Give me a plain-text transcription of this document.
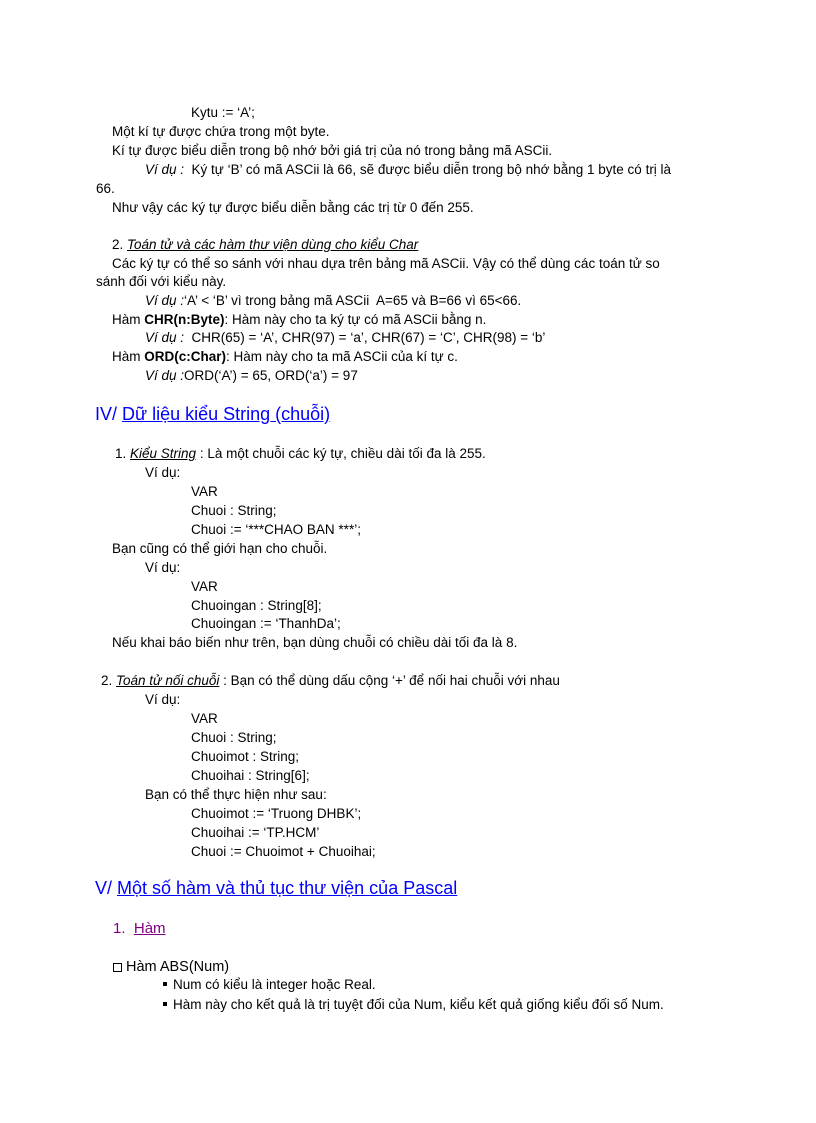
Kytu := ‘A’;
Một kí tự được chứa trong một byte.
Kí tự được biểu diễn trong bộ nhớ bởi giá trị của nó trong bảng mã ASCii.
Ví dụ :  Ký tự ‘B’ có mã ASCii là 66, sẽ được biểu diễn trong bộ nhớ bằng 1 byte có trị là
66.
Như vậy các ký tự được biểu diễn bằng các trị từ 0 đến 255.
2. Toán tử và các hàm thư viện dùng cho kiểu Char
Các ký tự có thể so sánh với nhau dựa trên bảng mã ASCii. Vậy có thể dùng các toán tử so
sánh đối với kiểu này.
Ví dụ :‘A’ < ‘B’ vì trong bảng mã ASCii  A=65 và B=66 vì 65<66.
Hàm CHR(n:Byte): Hàm này cho ta ký tự có mã ASCii bằng n.
Ví dụ :  CHR(65) = ‘A’, CHR(97) = ‘a’, CHR(67) = ‘C’, CHR(98) = ‘b’
Hàm ORD(c:Char): Hàm này cho ta mã ASCii của kí tự c.
Ví dụ :ORD(‘A’) = 65, ORD(‘a’) = 97
IV/ Dữ liệu kiểu String (chuỗi)
1. Kiểu String : Là một chuỗi các ký tự, chiều dài tối đa là 255.
Ví dụ:
VAR
Chuoi : String;
Chuoi := ‘***CHAO BAN ***’;
Bạn cũng có thể giới hạn cho chuỗi.
Ví dụ:
VAR
Chuoingan : String[8];
Chuoingan := ‘ThanhDa’;
Nếu khai báo biến như trên, bạn dùng chuỗi có chiều dài tối đa là 8.
2. Toán tử nối chuỗi : Bạn có thể dùng dấu cộng ‘+’ để nối hai chuỗi với nhau
Ví dụ:
VAR
Chuoi : String;
Chuoimot : String;
Chuoihai : String[6];
Bạn có thể thực hiện như sau:
Chuoimot := ‘Truong DHBK’;
Chuoihai := ‘TP.HCM’
Chuoi := Chuoimot + Chuoihai;
V/ Một số hàm và thủ tục thư viện của Pascal
1.  Hàm
Hàm ABS(Num)
Num có kiểu là integer hoặc Real.
Hàm này cho kết quả là trị tuyệt đối của Num, kiểu kết quả giống kiểu đối số Num.
